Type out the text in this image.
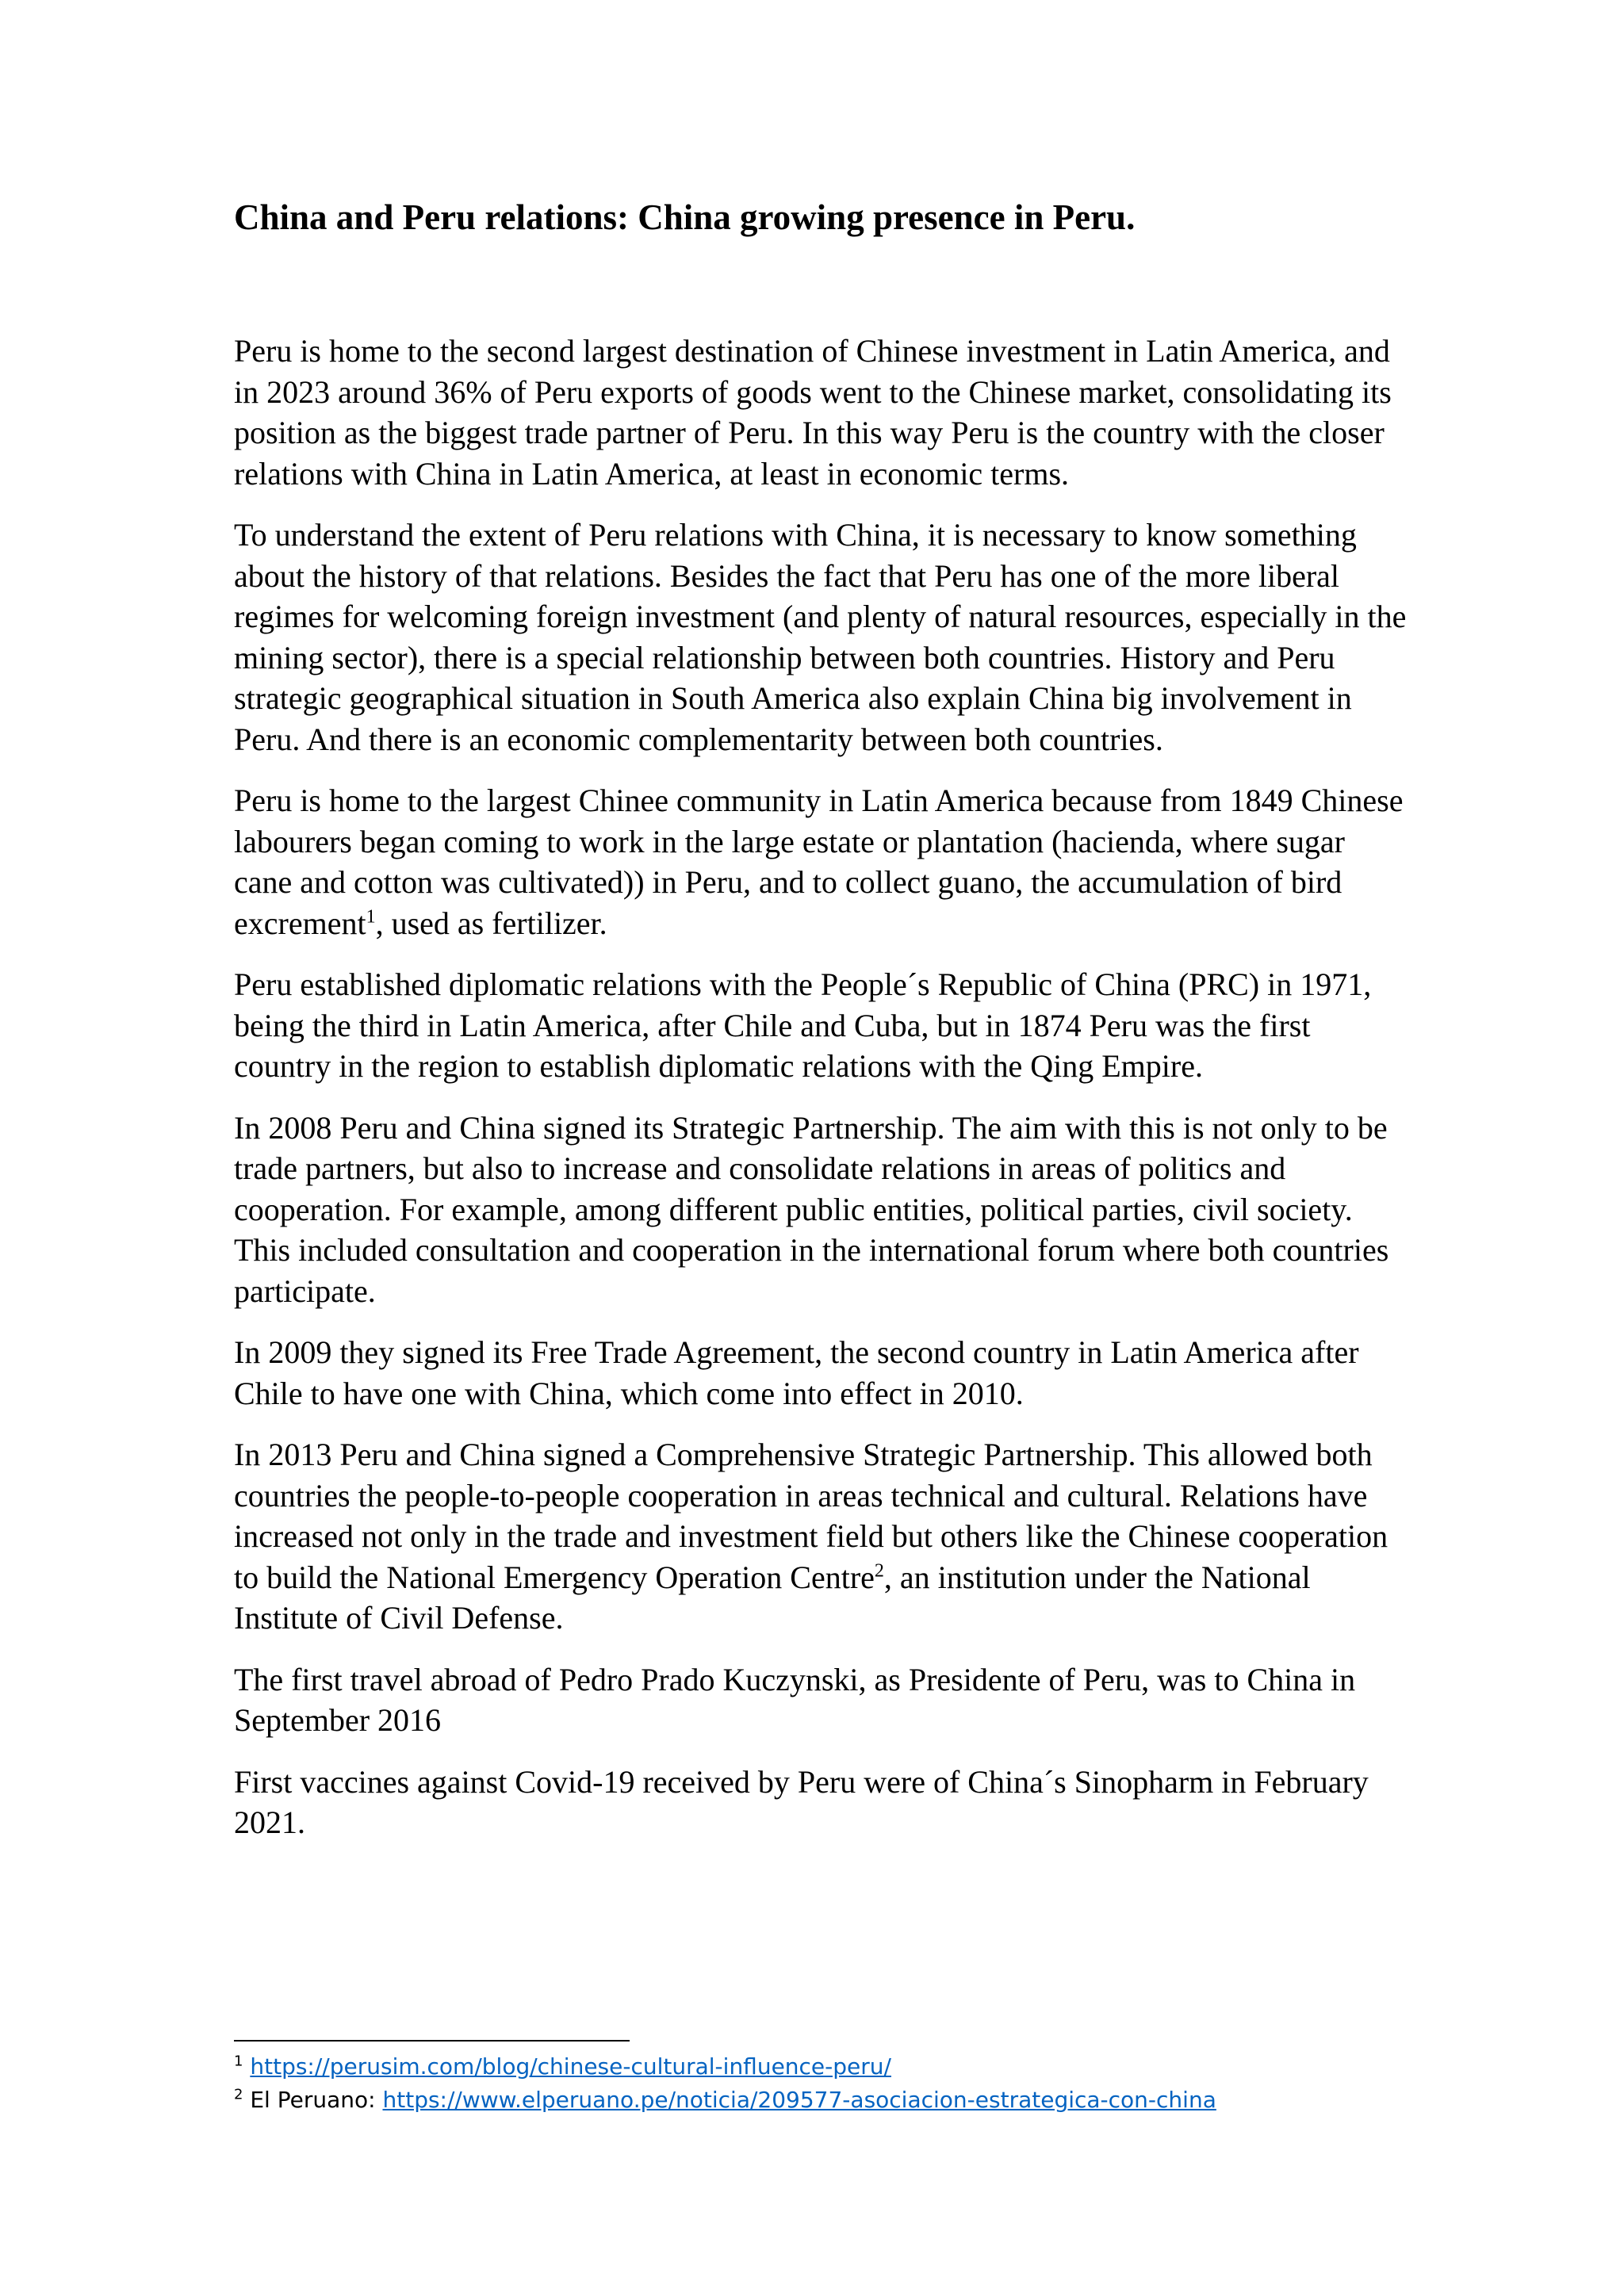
China and Peru relations: China growing presence in Peru.

Peru is home to the second largest destination of Chinese investment in Latin America, and in 2023 around 36% of Peru exports of goods went to the Chinese market, consolidating its position as the biggest trade partner of Peru. In this way Peru is the country with the closer relations with China in Latin America, at least in economic terms.

To understand the extent of Peru relations with China, it is necessary to know something about the history of that relations. Besides the fact that Peru has one of the more liberal regimes for welcoming foreign investment (and plenty of natural resources, especially in the mining sector), there is a special relationship between both countries. History and Peru strategic geographical situation in South America also explain China big involvement in Peru. And there is an economic complementarity between both countries.

Peru is home to the largest Chinee community in Latin America because from 1849 Chinese labourers began coming to work in the large estate or plantation (hacienda, where sugar cane and cotton was cultivated)) in Peru, and to collect guano, the accumulation of bird excrement$^1$, used as fertilizer.

Peru established diplomatic relations with the People´s Republic of China (PRC) in 1971, being the third in Latin America, after Chile and Cuba, but in 1874 Peru was the first country in the region to establish diplomatic relations with the Qing Empire.

In 2008 Peru and China signed its Strategic Partnership. The aim with this is not only to be trade partners, but also to increase and consolidate relations in areas of politics and cooperation. For example, among different public entities, political parties, civil society. This included consultation and cooperation in the international forum where both countries participate.

In 2009 they signed its Free Trade Agreement, the second country in Latin America after Chile to have one with China, which come into effect in 2010.

In 2013 Peru and China signed a Comprehensive Strategic Partnership. This allowed both countries the people-to-people cooperation in areas technical and cultural. Relations have increased not only in the trade and investment field but others like the Chinese cooperation to build the National Emergency Operation Centre$^2$, an institution under the National Institute of Civil Defense.

The first travel abroad of Pedro Prado Kuczynski, as Presidente of Peru, was to China in September 2016

First vaccines against Covid-19 received by Peru were of China´s Sinopharm in February 2021.

$^1$ https://perusim.com/blog/chinese-cultural-influence-peru/

$^2$ El Peruano: https://www.elperuano.pe/noticia/209577-asociacion-estrategica-con-china
